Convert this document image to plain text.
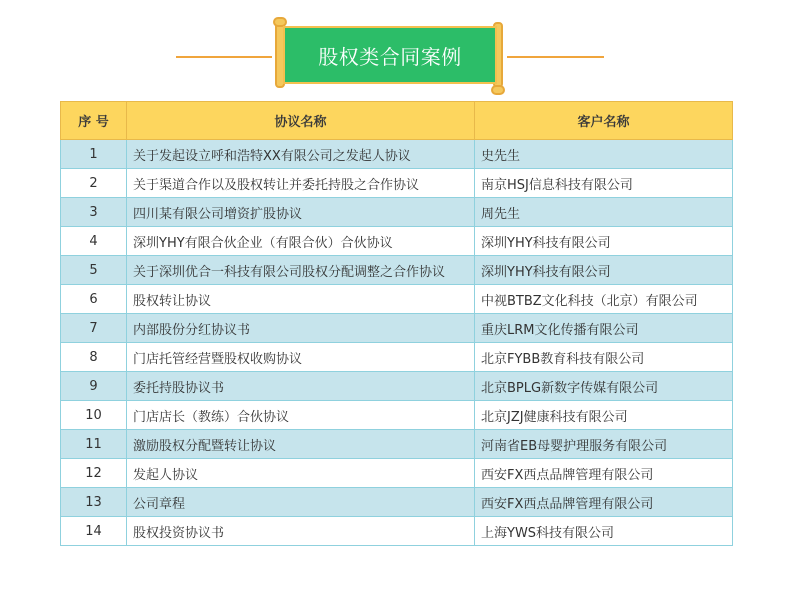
股权类合同案例
序 号	协议名称	客户名称
1	关于发起设立呼和浩特XX有限公司之发起人协议	史先生
2	关于渠道合作以及股权转让并委托持股之合作协议	南京HSJ信息科技有限公司
3	四川某有限公司增资扩股协议	周先生
4	深圳YHY有限合伙企业（有限合伙）合伙协议	深圳YHY科技有限公司
5	关于深圳优合一科技有限公司股权分配调整之合作协议	深圳YHY科技有限公司
6	股权转让协议	中视BTBZ文化科技（北京）有限公司
7	内部股份分红协议书	重庆LRM文化传播有限公司
8	门店托管经营暨股权收购协议	北京FYBB教育科技有限公司
9	委托持股协议书	北京BPLG新数字传媒有限公司
10	门店店长（教练）合伙协议	北京JZJ健康科技有限公司
11	激励股权分配暨转让协议	河南省EB母婴护理服务有限公司
12	发起人协议	西安FX西点品牌管理有限公司
13	公司章程	西安FX西点品牌管理有限公司
14	股权投资协议书	上海YWS科技有限公司
